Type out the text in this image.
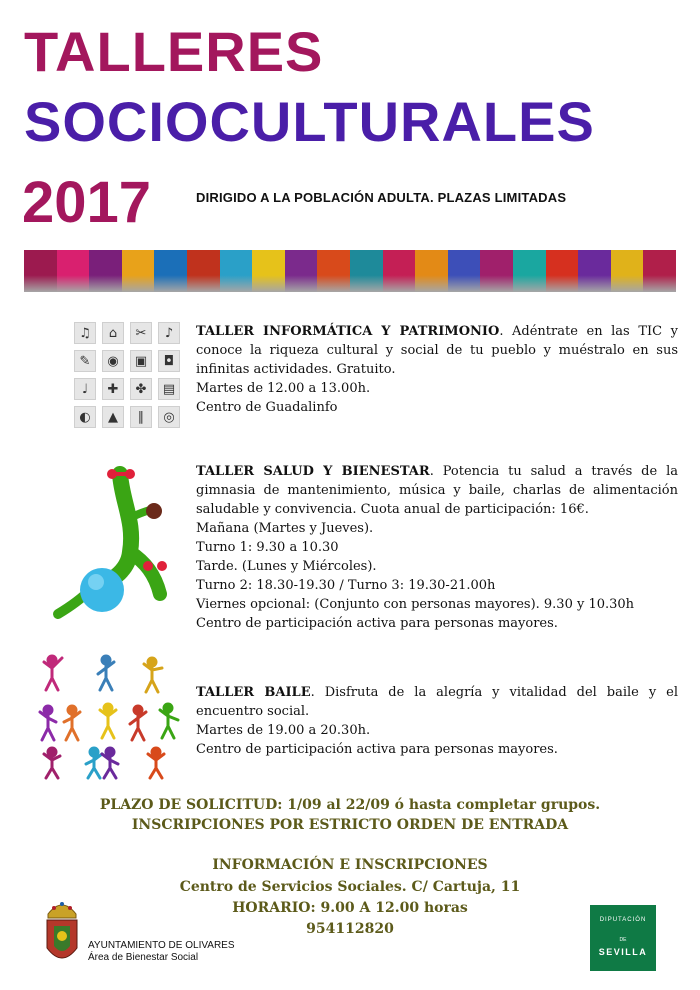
TALLERES
SOCIOCULTURALES
2017	DIRIGIDO A LA POBLACIÓN ADULTA. PLAZAS LIMITADAS
♫	⌂	✂	♪
✎	◉	▣	◘
♩	✚	✤	▤
◐	▲	∥	◎
TALLER INFORMÁTICA Y PATRIMONIO. Adéntrate en las TIC y conoce la riqueza cultural y social de tu pueblo y muéstralo en sus infinitas actividades. Gratuito.
Martes de 12.00 a 13.00h.
Centro de Guadalinfo
TALLER SALUD Y BIENESTAR. Potencia tu salud a través de la gimnasia de mantenimiento, música y baile, charlas de alimentación saludable y convivencia. Cuota anual de participación: 16€.
Mañana (Martes y Jueves).
Turno 1: 9.30 a 10.30
Tarde. (Lunes y Miércoles).
Turno 2: 18.30-19.30 / Turno 3: 19.30-21.00h
Viernes opcional: (Conjunto con personas mayores). 9.30 y 10.30h
Centro de participación activa para personas mayores.
TALLER BAILE. Disfruta de la alegría y vitalidad del baile y el encuentro social.
Martes de 19.00 a 20.30h.
Centro de participación activa para personas mayores.
PLAZO DE SOLICITUD: 1/09 al 22/09 ó hasta completar grupos.
INSCRIPCIONES POR ESTRICTO ORDEN DE ENTRADA
INFORMACIÓN E INSCRIPCIONES
Centro de Servicios Sociales. C/ Cartuja, 11
HORARIO: 9.00 A 12.00 horas
954112820
AYUNTAMIENTO DE OLIVARES
Área de Bienestar Social
DIPUTACIÓN
DE
SEVILLA
